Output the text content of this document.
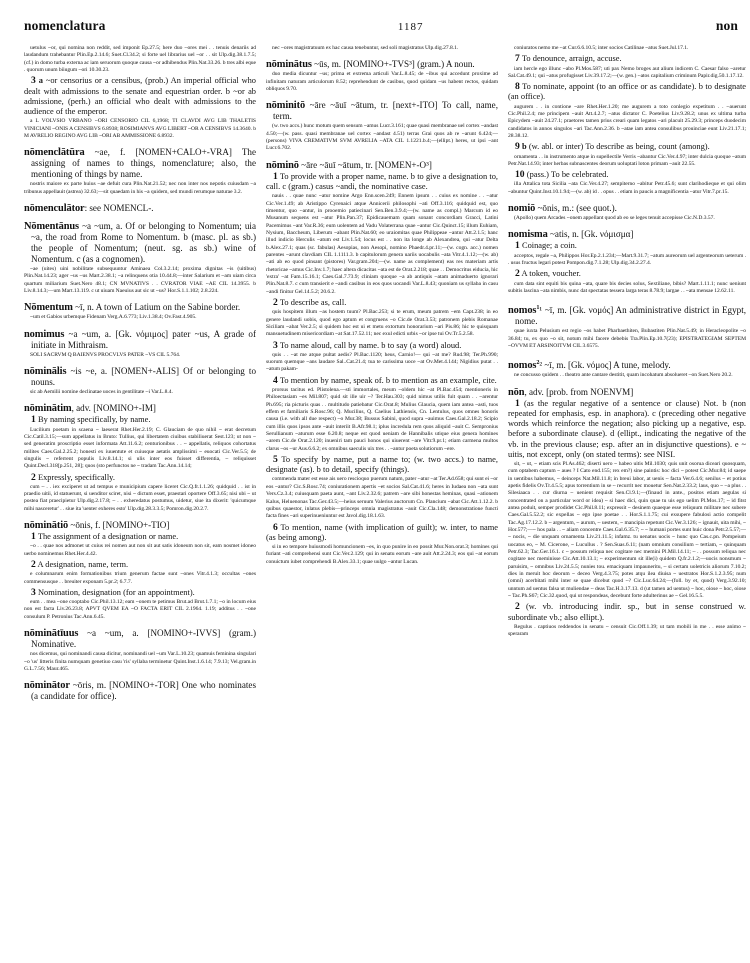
nomenclatura	1187	non

uetulus ~or, qui nomina non reddit, sed imponit Ep.27.5; here duo ~ores mei . . tenuis denariis ad laudandum trahebantur Plin.Ep.2.14.6; Suet.Cl.34.2; si forte uel librarius uel ~or . . sit Ulp.dig.38.1.7.5; (cf.) in domo turba externa ac iam seruorum quoque causa ~or adhibendus Plin.Nat.33.26. b tres albi eque . quorum unum biiugum ~ori 10.30.23.

3 a ~or censorius or a censibus, (prob.) An imperial official who dealt with admissions to the senate and equestrian order. b ~or ab admissione, (perh.) an official who dealt with admissions to the audience of the emperor.

a L VOLVSIO VRBANO ~ORI CENSORIO CIL 6,1968; TI CLAVDI AVG LIB THALETIS VINICIANI ~ONIS A CENSIBVS 6.8938; ROSIMIANVS AVG LIBERT ~OR A CENSIBVS 14.3640. b M AVRELIO REGINO AVG LIB ~ORI AB AMMISSIONE 6.8932.

nōmenclātūra ~ae, f. [NOMEN+CALO+-VRA] The assigning of names to things, nomenclature; also, the mentioning of things by name.

nostris maiore ex parte huius ~ae defuit cura Plin.Nat.21.52; nec non inter nos nepotis cuiusdam ~a tribunus appellauit (astrea) 32.63;—sit quaedam in his ~a quidem, sed mundi rerumque naturae 3.2.

nōmenculātor: see NOMENCL-.

Nōmentānus ~a ~um, a. Of or belonging to Nomentum; uia ~a, the road from Rome to Nomentum. b (masc. pl. as sb.) the people of Nomentum; (neut. sg. as sb.) wine of Nomentum. c (as a cognomen).

~ae (uites) uini nobilitate subsequuntur Aminaea Col.3.2.14; proxima dignitas ~is (uitibus) Plin.Nat.14.23; ager ~us ~us Mart.2.38.1; ~a relinquens otia 10.44.8;—inter Salarium et ~am uiam circa quartum miliarium Suet.Nero 48.1; CN MVNATIVS . . CVRATOR VIAE ~AE CIL 14.3955. b Liv.8.14.3;—um Mart.13.119. c ut uiuam Naeuius aut sic ut ~us? Hor.S.1.1.102; 2.8.224.

Nōmentum ~ī, n. A town of Latium on the Sabine border.

~um et Gabios urbemque Fidenam Verg.A.6.773; Liv.1.38.4; Ov.Fast.4.905.

nomimus ~a ~um, a. [Gk. νόμιμος] pater ~us, A grade of initiate in Mithraism.

SOLI SACRVM Q BAIENVS PROCVLVS PATER ~VS CIL 5.764.

nōminālis ~is ~e, a. [NOMEN+-ALIS] Of or belonging to nouns.

sic ab Aemilii nomine declinatae uoces in gentilitate ~i Var.L.8.4.

nōminātim, adv. [NOMINO+-IM]

1 By naming specifically, by name.

Lucilium poetam in scaena ~ laeserat Rhet.Her.2.19; C. Glauciam de quo nihil ~ erat decretum Cic.Catil.3.15;—sum appellatus in Bruto: Tullius, qui libertatem ciuibus stabiliuerat Sest.123; ut non ~ sed generatim proscriptio esset informata Att.11.6.2; centurionibus . . ~ appellatis, reliquos cohortatus milites Caes.Gal.2.25.2; honesti ex iuuentute et cuiusque aetatis amplissimi ~ euocati Cic.Ver.5.5; de singulis ~ referrent populis Liv.8.14.1; si ulis inter eos fuisset differentia, ~ reliquisset Quint.Decl.318[p.251, 28]; quos (sto perfunctos ne ~ tradam Tac.Ann.14.14;

2 Expressly, specifically.

cum ~ . . iex exciperet ut ad tempus e municipium capere liceret Cic.Q.fr.1.1.26; quidquid . . ist in praedio uitii, id statuerunt, si uenditor sciret, nisi ~ dictum esset, praestari oportere Off.3.65; nisi ubi ~ ut postea fiat praecipietur Ulp.dig.2.17.8; ~ . . exheredatus postumus, uidetur, siue ita dixerit: 'quicumque mihi nasceretur' . . siue ita 'uenter exheres esto' Ulp.dig.28.3.3.5; Pomron.dig.20.2.7.

nōminātiō ~ōnis, f. [NOMINO+-TIO]

1 The assignment of a designation or name.

~o . . quae nos admonet ut cuius rei nomen aut non sit aut satis idoneum non sit, eam nosmet idoneo uerbo nominemus Rhet.Her.4.42.

2 A designation, name, term.

e columnarum enim formationibus trium generum factae sunt ~ones Vitr.4.1.3; occultas ~ones commensusque . . breuiter exponam 5.pr.2; 6.7.7.

3 Nomination, designation (for an appointment).

eum . . mea ~one cooptabo Cic.Phil.13.12; eam ~onem te petimus Brut.ad Brut.1.7.1; ~o in locum eius non est facta Liv.26.23.8; APVT QVEM EA ~O FACTA ERIT CIL 2.1964. 1.19; additus . . ~one consulum P. Petronius Tac.Ann.6.45.

nōminātīuus ~a ~um, a. [NOMINO+-IVVS] (gram.) Nominative.

nos dicemus, qui nominandi causa dicitur, nominandi uel ~um Var.L.10.23; quamuis feminina singulari ~o 'us' litteris finita numquam genetiuo casu 'ris' syllaba terminetur Quint.Inst.1.6.14; 7.9.13; Vel.gram.in G.L.7.56; Maur.465.

nōminātor ~ōris, m. [NOMINO+-TOR] One who nominates (a candidate for office).

nec ~ores magistratuum ex hac causa tenebuntur, sed soli magistratus Ulp.dig.27.8.1.

nōminātus ~ūs, m. [NOMINO+-TVS³] (gram.) A noun.

duo media dicuntur ~us; prima et extrema articuli Var.L.8.45; de ~ibus qui accedunt proxime ad infinitam naturam articulorum 8.52; reprehendunt de casibus, quod quidam ~us habent rectos, quidam obliquos 9.70.

nōminitō ~āre ~āuī ~ātum, tr. [next+-ITO] To call, name, term.

(w. two accs.) hunc motum quem sensum ~amus Lucr.3.161; quae quasi membranae uel cortex ~andast 4.50;—(w. pass. quasi membranae uel cortex ~andast 4.51) terras Grai quos ab re ~arunt 6.424;—(persons) VIVA CREMATIVM SVM AVRELIA ~ATA CIL 1.1221.b.4;—(ellipt.) heres, ut ipsi ~ant Lucr.6.702.

nōminō ~āre ~āuī ~ātum, tr. [NOMEN+-O³]

1 To provide with a proper name, name. b to give a designation to, call. c (gram.) casus ~andi, the nominative case.

nauis . . quae nunc ~atur nomine Argo Enn.scen.249; Ennem ipsum . . cuius ex nomine . . ~atur Cic.Ver.1.49; ab Aristippo Cyrenaici atque Annicerii philosophi ~ati Off.3.116; quidquid est, quo timentur, quo ~antur, in prooemio patiecinari Sen.Ben.3.9.4;—(w. name as compl.) Marcum id eo Musanum sequens est ~atur Plin.Pan.37; Epidicauemam quam sonant concordiam Gracci, Latini Pacemimus ~ant Var.R.36; eum uolentem ad Vadu Volaterrana quae ~antur Cic.Quinct.15; illum Euhiam, Nysium, Baccheum, Liberum ~abant Plin.Nat.60; eo uraiomitas quae Philippeae ~antur Att.2.1.5; hanc illud indicio Herculis ~atum est Liv.1.54; locus est . . non ita longe ab Alexandrea, qui ~atur Delta b.Alex.27.1; quas (sc. fabulas) Aesopias, non Aesopi, nomino Phaedr.4.pr.11;—(w. cogn. acc.) nomen parentes ~arunt clavdiam CIL 1.1111.3. b capitulorum genera uariis uocabulis ~ata Vitr.4.1.12;—(w. ab) ~ati ab eo quod pinsant (pistores) Var.gram.204;—(w. name as complement) eas res materiam artis rhetoricae ~amus Cic.Inv.1.7; haec altera dicacitas ~ata est de Orat.2.218; quae . . Democritus eiducia, hic 'extra' ~at Fam.15.16.1; Caes.Gal.7.73.9; cliniam quoque ~a ab antiquis ~atam animaduerto ignorari Plin.Nat.8.7. c cum transierit e ~andi casibus in eos quos uocandi Var.L.8.43; quoniam us syllaba in casu ~andi finitur Gel.14.5.2; 20.6.2.

2 To describe as, call.

quis hospitem illum ~as hostem tuum? Pl.Bac.253; si te erum, meum patrem ~em Capt.238; in eo genere laudandi uobis, quod ego aptum et congruens ~o Cic.de Orat.3.53; patronem plebis Romanae Siciliam ~abat Ver.2.5; si quidem hoc est ui et metu extortum honorarium ~ari Pis.86; hic te quisquam mansuetudinem misericordiam ~at Sat.17.52.11; nec exul edicti urbis ~or ipse tui Ov.Tr.5.2.58.

3 To name aloud, call by name. b to say (a word) aloud.

quis . . ~at me atque pultat aedis? Pl.Bac.1120; heus, Carnio!— qui ~at me? Rud.98; Ter.Ph.990; suorum quemque ~ans laudare Sal..Cat.21.4; tua te carissima uoce ~at Ov.Met.4.144; Nigidius putat . . ~atum pakam-

4 To mention by name, speak of. b to mention as an example, cite.

prorsus tacitus ed. Plistolena.—sti immortales, meum ~oldem hic ~at Pl.Bac.454; mentioneris in Philoectasiam ~es Mil.807; quid sit ille uir ~? Ter.Hau.303; quid nimus utilis fuit quam . . ~arentur Ph.695; ria picturis quas . . multitudo patiebatur Cic.Orat.8; Mulius Glaucia, quem iam antea ~asti, tuos effem et familiaris S.Rosc.96; Q. Mucilius, Q. Caelius Lathiensis, Cn. Lentulus, quos omnes honoris causa (i.e. with all due respect) ~o Mur.38; Bussus Sabini, quod supra ~auimus Caes.Gal.2.18.2; Scipio cum illis quos ipsos ante ~auit interiit B.Afr.98.1; iplus incredula rem quos aliquid ~auit C. Sempronius Serullianum ~aturum esse 6.20.8; neque est quod ueniam de Hannibalis utique eius genera homines ~arem Cic.de Orat.2.120; inueniri tam pauci honos qui uiuerent ~are Vitr.9.pr.1; etiam carmena multos clarus ~os ~ur Aus.6.6.2; ex omnibus saeculis uix tres . . ~antur poeta solutiorum ~ere.

5 To specify by name, put a name to; (w. two accs.) to name, designate (as). b to detail, specify (things).

commenda mater est esse ais uero rescioquo puerum natum, pater ~atur ~at Ter.Ad.658; qui sunt ei ~or eos ~antur? Cic.S.Rosc.74; coniurationem apertis ~et socios Sal.Cat.41.6; heres in Iudaea non ~ata sunt Vers.Cz.3.4; cuiusquam paeta aunt, ~ant Liv.2.32.6; patrem ~are sibi honestas heminas, quasi ~ationem Kalus, Heluenonas Tac.Ger.43.5;—heius seruum Valerius auctorum Cn. Plancium ~abat Cic.Att.1.12.2. b quibus quaestor, inlatus plebis—princeps omnia magistratus ~auit Cic.Cla.148; demonstratione functi facta fines ~ari superinueniuntur est Javol.dig.18.1.63.

6 To mention, name (with implication of guilt); w. inter, to name (as being among).

si in eo tempore huiusmodi homuncionem ~es, in quo punire in eo possit Mur.Non.orat.3; homines qui furiant ~ati comprehensi sunt Cic.Ver.2.129; qui in senatu eorum ~are auit Att.2.24.3; eos qui ~at eorum conuictum iubet comprehendi B.Alex.33.1; quae uulgo ~antur Lucan.

coniuratos nemo me ~at Cur.6.6.10.5; inter socios Catilinae ~atus Suet.Jul.17.1.

7 To denounce, arraign, accuse.

iam hercle ego illunc ~abo Pl.Mos.587; uti pax Nemo broges aut alium indicem C. Caesar falso ~aretur Sal.Cat.49.1; qui ~atus profugisset Liv.39.17.2;—(w. gen.) ~atos capitalium criminum Papir.dig.50.1.17.12.

8 To nominate, appoint (to an office or as candidate). b to designate (an office).

augurem . . in contione ~are Rhet.Her.1.20; me augurem a toto conlegio expetitum . . ~auerunt Cic.Phil.2.4; me principem ~auit Att.4.2.7; ~atus dictator C. Poetelius Liv.9.28.2; unus ex ultima turba Epicydem ~auit 24.27.1; praetores tamen prius creari quam legatos ~ari placuit 25.29.3; princeps duodecim candidatos in annos singulos ~ari Tac.Ann.2.36. b ~atae iam antea consulibus prouinciae eunt Liv.21.17.1; 28.38.12.

9 b (w. abl. or inter) To describe as being, count (among).

ornamenta . . in instrumento atque in supellectile Verris ~abantur Cic.Ver.4.97; inter dulcia quoque ~atum Petr.Nat.14.93; inter herbas subnascentes deorum uoluptati loton primam ~auit 22.55.

10 (pass.) To be celebrated.

illa Attalica tota Sicilia ~ata Cic.Ver.4.27; sempiterno ~abitur Petr.45.6; sunt clarihodieque et qui olim ~abuntur Quint.Inst.10.1.94;—(w. ab) id . . opus . . etiam in paucis a magnificentia ~atur Vitr.7.pr.15.

nomiō ~ōnis, m.: (see quot.).

(Apollo) quem Arcades ~onem appellant quod ab eo se leges tenuit accepisse Cic.N.D.3.57.

nomisma ~atis, n. [Gk. νόμισμα]

1 Coinage; a coin.

acceptos, regale ~a, Philippos Hor.Ep.2.1.234;—Mart.9.31.7; ~atum aureorum uel argenteorum ueterum . . usus fructus legari potest Pompon.dig.7.1.28; Ulp.dig.34.2.27.4.

2 A token, voucher.

cum data sint equiti bis quina ~ata, quare bis decies solus, Sextiliane, bibis? Mart.1.11.1; nunc ueniunt subitis lascina ~ata nimbis, nunc dat spectatas tessera larga teras 8.78.9; largae . . ~ata mensae 12.62.11.

nomos$^1$¹ ~ī, m. [Gk. νομός] An administrative district in Egypt, nome.

quae iuxta Pelusium est regio ~os habet Pharbaethiten, Bubastiten Plin.Nat.5.49; in Heracleopolite ~o 36.84; tu, ex quo ~o sit, notum mihi facere debebis Tra.Plin.Ep.10.7(23); EPISTRATEGIAM SEPTEM ~OVVM ET ARSINOITVM CIL 3.6575.

nomos$^2$² ~ī, m. [Gk. νόμος] A tune, melody.

ne concusso quidem . . theatro ante cantare destitit, quam incohatum absolueret ~on Suet.Nero 20.2.

nōn, adv. [prob. from NOENVM]

1 (as the regular negative of a sentence or clause) Not. b (non repeated for emphasis, esp. in anaphora). c (preceding other negative words which reinforce the negation; also picking up a negative, esp. before a subordinate clause). d (ellipt., indicating the negative of the vb. in the previous clause; esp. after an in disjunctive questions). e ~ uitis, not except, only (on stated terms): see NISI.

sit, ~ ut, ~ etiam scis Pl.As.462; diserti uero ~ habeo uitis Mil.1030; quis unit osorua diceari quosquam, cum optabem captum ~ aues ? I Cato end.155; rex em?) sine paintis: hoc dici ~ potest Cic.Mur.84; id saepe in uentibus habemus, ~ deinceps Nat.Mil.11.8; in breui labor, at uenis ~ facta Ver.6.4.6; senilus ~ et potius apetis fidelis Ov.Tr.4.5.5; apus torrentium in se ~ recurrit nec mouetur Sen.Nat.2.33.2; laus, quo ~ ~a plus . . Silesiaaca . . cur diurna ~ uenient requisit Sen.Cl.9.1;—(finaud in ante., positos etiam aegulas si concentrated on a particular word or idea) ~ si haec dici, quin quae tu uis ego uelim Pl.Mos.17; ~ id fitst antea poduit, semper prodidet Cic.Phil.8.11; expressit ~ desinem quaeque esse reliquum militare nec subere Caes.Gal.5.52.2; sic expellas ~ ego ipse poetae . . Hor.S.1.1.75; cui exsupere fabulosi actio compelit Tac.Ag.17.12.2. b ~ argentum, ~ aurum, ~ uestem, ~ mancipia repetunt Cic.Ver.3.126; ~ ignauit, uita mihi, ~ Hor.577;—~ hos pala . . ~ aliam concentre Caes.Gal.6.35.7; ~ ~ humani portes sunt huic dona Petr.2.5.57;—~ nocis, ~ die unquam ornamenta Liv.21.11.5; infamz. tu uenatus uocis ~ hunc quo Cas.c.pn. Pompeium uocatus eo, ~ M. Cicerone, ~ Lucullus . ? Sen.Suas.6.11; (nam omnium consilium ~ tertiam, ~ quinquam Petr.62.3; Tac.Ger.16.1. c ~ possum reliqua nec cogitare nec memini Pl.Mil.14.11; ~ . . possum reliqua nec cogitare nec meminisse Cic.Att.10.13.1; ~ experimentum sit ille(i) quidem Q.fr.2.1.2;—uocis nonsmum ~ paruisim, ~ omnibus Liv.24.5.5; nunies tou. emaciquam impauneritu, ~ si certam uoletricis aliorum 7.10.2; dies in meruit hoc deorum ~ deceo Verg.4.3.75; potes atqu ilea diuisa ~ uestratos Hor.S.1.2.3.95; num (omni) acerbitati mihi inter se quae dicebut quod ~? Cic.Luc.64.24;—(foll. by et, quod) Verg.3.92.10; unntum ad uentus falsa ut muliendae ~ deas Tac.H.3.17.13. d (ut tamen ad uentus) ~ hoc, oiose ~ hoc, oiose ~ Tac.Ph.S67; Cic.32.quod, qui ut respondeas, decebunt forte adulterinus ae ~ Gel.16.5.5.

2 (w. vb. introducing indir. sp., but in sense construed w. subordinate vb.; also ellipt.).

Regulus . captiuos reddendos in senatu ~ censuit Cic.Off.1.39; ut tam mobili in me . . esse animo ~ speraram
